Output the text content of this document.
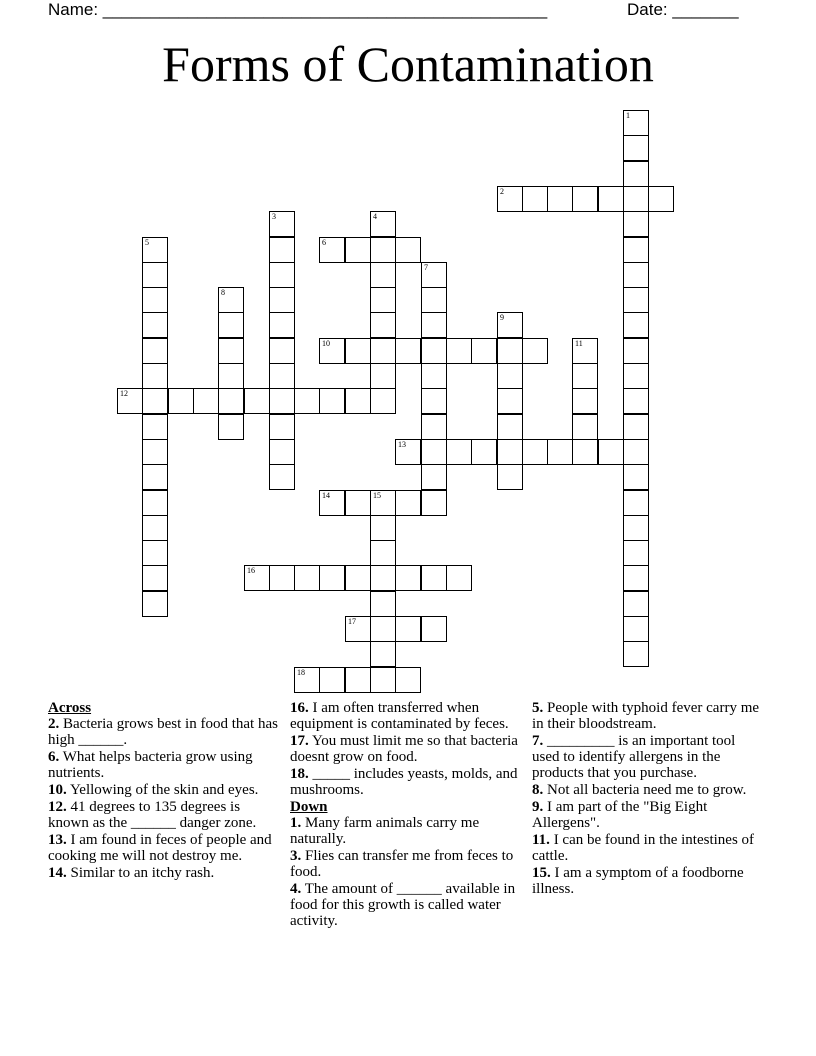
Name: _______________________________________________	Date: _______
Forms of Contamination
1
2
3	4
5	6
7
8
9
10	11
12
13
14	15
16
17
18
Across
2. Bacteria grows best in food that has high ______.
6. What helps bacteria grow using nutrients.
10. Yellowing of the skin and eyes.
12. 41 degrees to 135 degrees is known as the ______ danger zone.
13. I am found in feces of people and cooking me will not destroy me.
14. Similar to an itchy rash.
16. I am often transferred when equipment is contaminated by feces.
17. You must limit me so that bacteria doesnt grow on food.
18. _____ includes yeasts, molds, and mushrooms.
Down
1. Many farm animals carry me naturally.
3. Flies can transfer me from feces to food.
4. The amount of ______ available in food for this growth is called water activity.
5. People with typhoid fever carry me in their bloodstream.
7. _________ is an important tool used to identify allergens in the products that you purchase.
8. Not all bacteria need me to grow.
9. I am part of the "Big Eight Allergens".
11. I can be found in the intestines of cattle.
15. I am a symptom of a foodborne illness.
